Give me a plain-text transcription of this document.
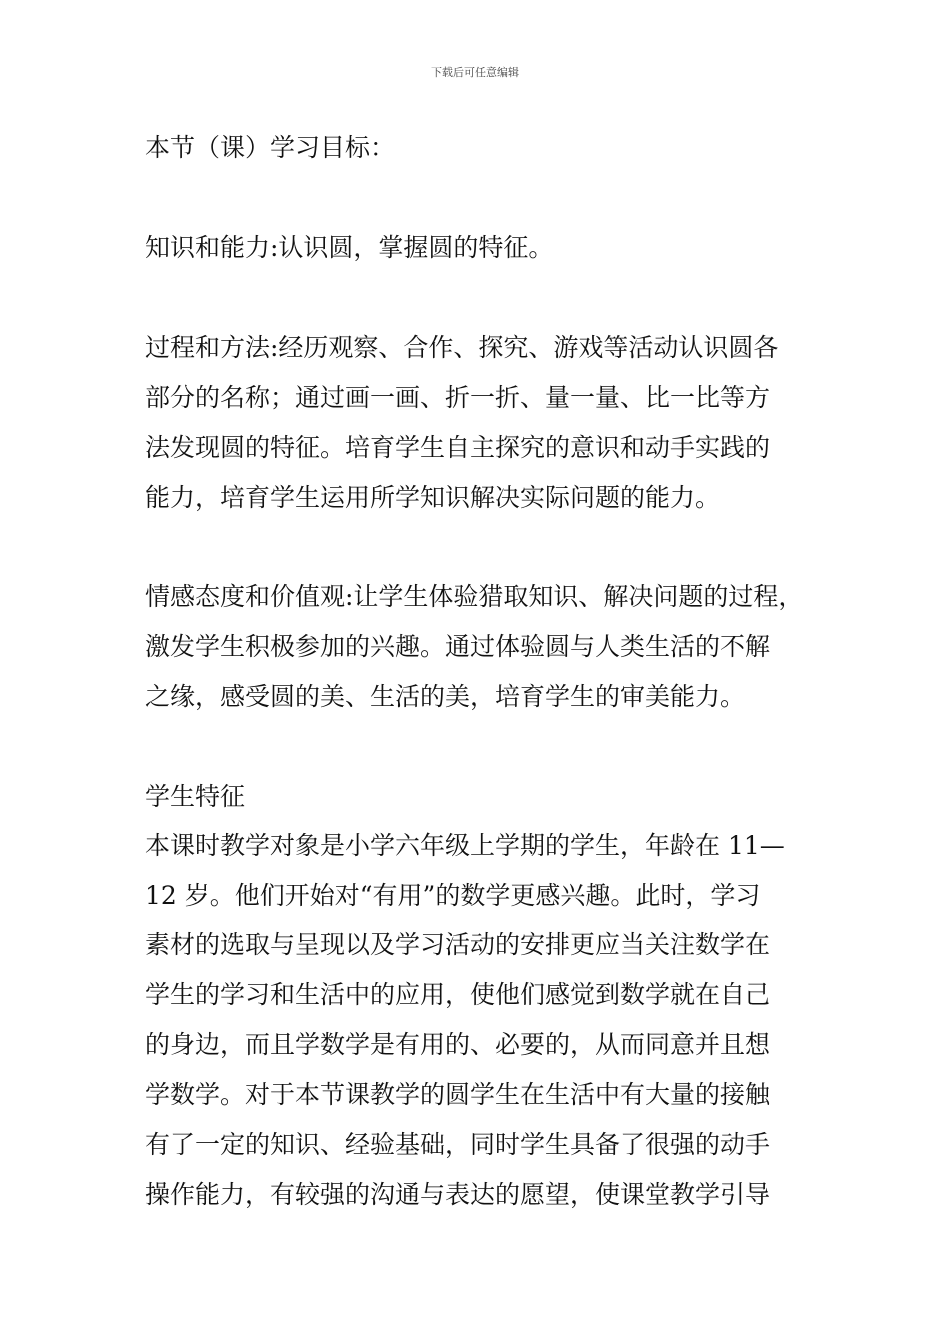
下载后可任意编辑
本节（课）学习目标：
知识和能力:认识圆，掌握圆的特征。
过程和方法:经历观察、合作、探究、游戏等活动认识圆各
部分的名称；通过画一画、折一折、量一量、比一比等方
法发现圆的特征。培育学生自主探究的意识和动手实践的
能力，培育学生运用所学知识解决实际问题的能力。
情感态度和价值观:让学生体验猎取知识、解决问题的过程，
激发学生积极参加的兴趣。通过体验圆与人类生活的不解
之缘，感受圆的美、生活的美，培育学生的审美能力。
学生特征
本课时教学对象是小学六年级上学期的学生，年龄在 11—
12 岁。他们开始对“有用”的数学更感兴趣。此时，学习
素材的选取与呈现以及学习活动的安排更应当关注数学在
学生的学习和生活中的应用，使他们感觉到数学就在自己
的身边，而且学数学是有用的、必要的，从而同意并且想
学数学。对于本节课教学的圆学生在生活中有大量的接触
有了一定的知识、经验基础，同时学生具备了很强的动手
操作能力，有较强的沟通与表达的愿望，使课堂教学引导
